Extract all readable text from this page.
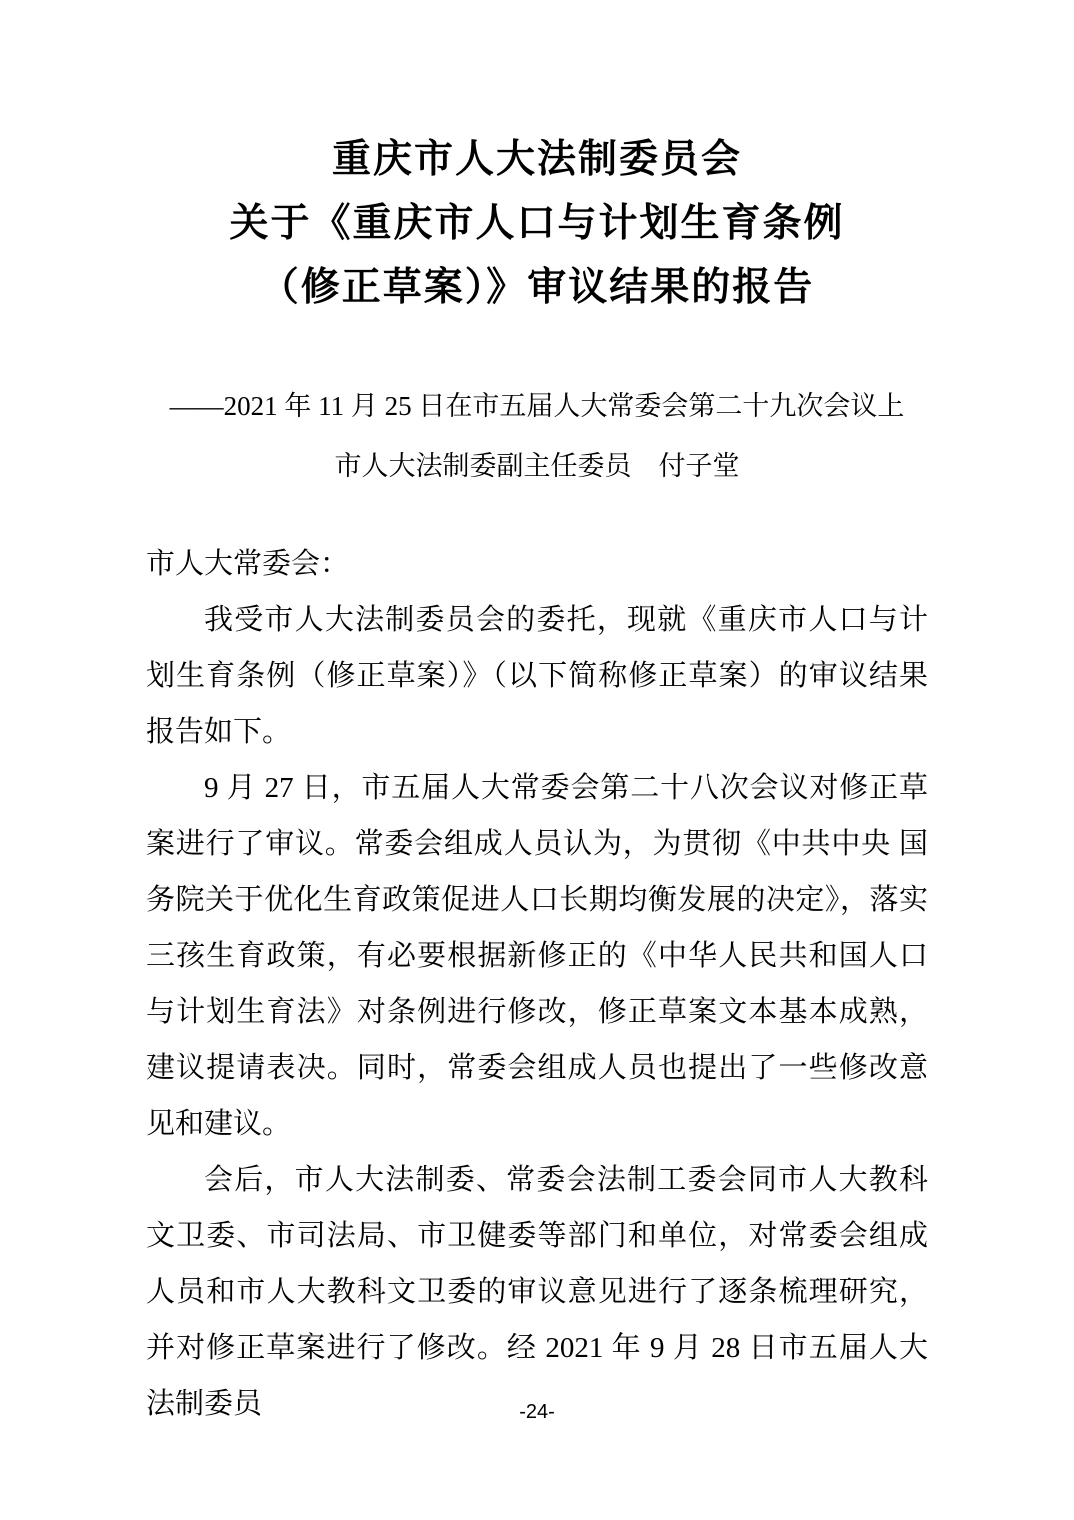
重庆市人大法制委员会
关于《重庆市人口与计划生育条例
（修正草案）》审议结果的报告
——2021 年 11 月 25 日在市五届人大常委会第二十九次会议上
市人大法制委副主任委员　付子堂

市人大常委会：

我受市人大法制委员会的委托，现就《重庆市人口与计划生育条例（修正草案）》（以下简称修正草案）的审议结果报告如下。

9 月 27 日，市五届人大常委会第二十八次会议对修正草案进行了审议。常委会组成人员认为，为贯彻《中共中央 国务院关于优化生育政策促进人口长期均衡发展的决定》，落实三孩生育政策，有必要根据新修正的《中华人民共和国人口与计划生育法》对条例进行修改，修正草案文本基本成熟，建议提请表决。同时，常委会组成人员也提出了一些修改意见和建议。

会后，市人大法制委、常委会法制工委会同市人大教科文卫委、市司法局、市卫健委等部门和单位，对常委会组成人员和市人大教科文卫委的审议意见进行了逐条梳理研究，并对修正草案进行了修改。经 2021 年 9 月 28 日市五届人大法制委员	-24-
